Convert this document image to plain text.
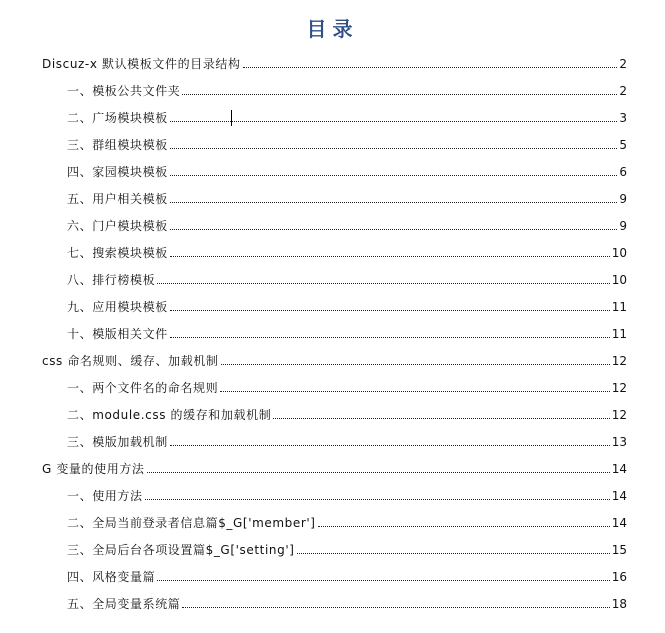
目录
Discuz-x 默认模板文件的目录结构	2
一、模板公共文件夹	2
二、广场模块模板	3
三、群组模块模板	5
四、家园模块模板	6
五、用户相关模板	9
六、门户模块模板	9
七、搜索模块模板	10
八、排行榜模板	10
九、应用模块模板	11
十、模版相关文件	11
css 命名规则、缓存、加载机制	12
一、两个文件名的命名规则	12
二、module.css 的缓存和加载机制	12
三、模版加载机制	13
G 变量的使用方法	14
一、使用方法	14
二、全局当前登录者信息篇$_G['member']	14
三、全局后台各项设置篇$_G['setting']	15
四、风格变量篇	16
五、全局变量系统篇	18
